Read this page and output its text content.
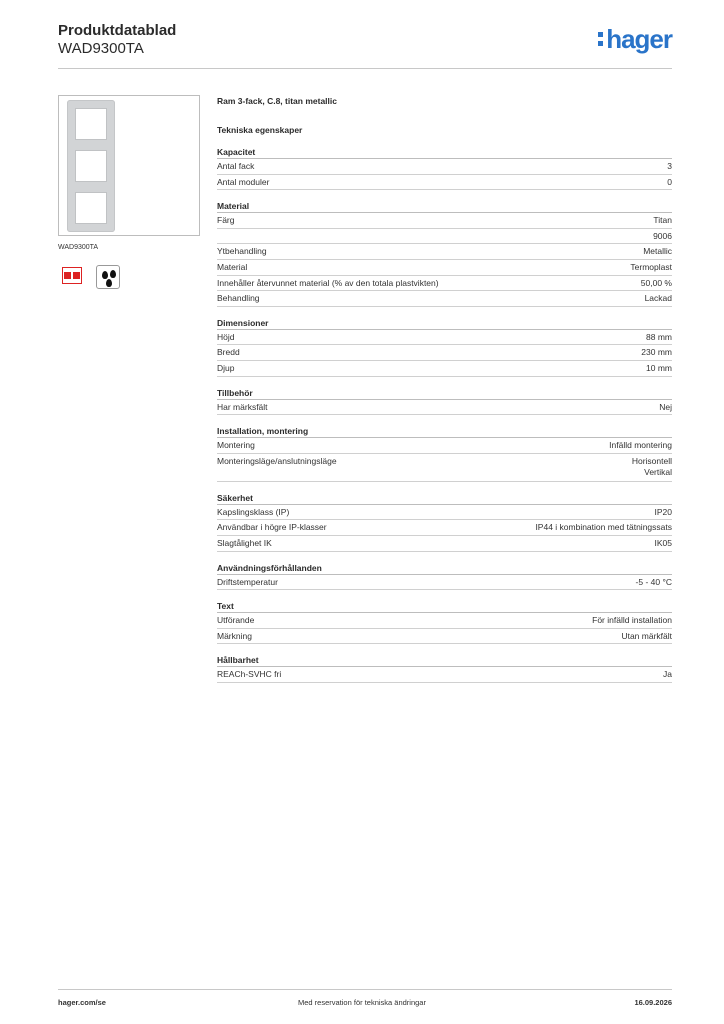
Produktdatablad
WAD9300TA	hager
WAD9300TA
Ram 3-fack, C.8, titan metallic
Tekniska egenskaper
Kapacitet
Antal fack	3
Antal moduler	0
Material
Färg	Titan
9006
Ytbehandling	Metallic
Material	Termoplast
Innehåller återvunnet material (% av den totala plastvikten)	50,00 %
Behandling	Lackad
Dimensioner
Höjd	88 mm
Bredd	230 mm
Djup	10 mm
Tillbehör
Har märksfält	Nej
Installation, montering
Montering	Infälld montering
Monteringsläge/anslutningsläge	Horisontell
Vertikal
Säkerhet
Kapslingsklass (IP)	IP20
Användbar i högre IP-klasser	IP44 i kombination med tätningssats
Slagtålighet IK	IK05
Användningsförhållanden
Driftstemperatur	-5 - 40 °C
Text
Utförande	För infälld installation
Märkning	Utan märkfält
Hållbarhet
REACh-SVHC fri	Ja
hager.com/se	Med reservation för tekniska ändringar	16.09.2026
